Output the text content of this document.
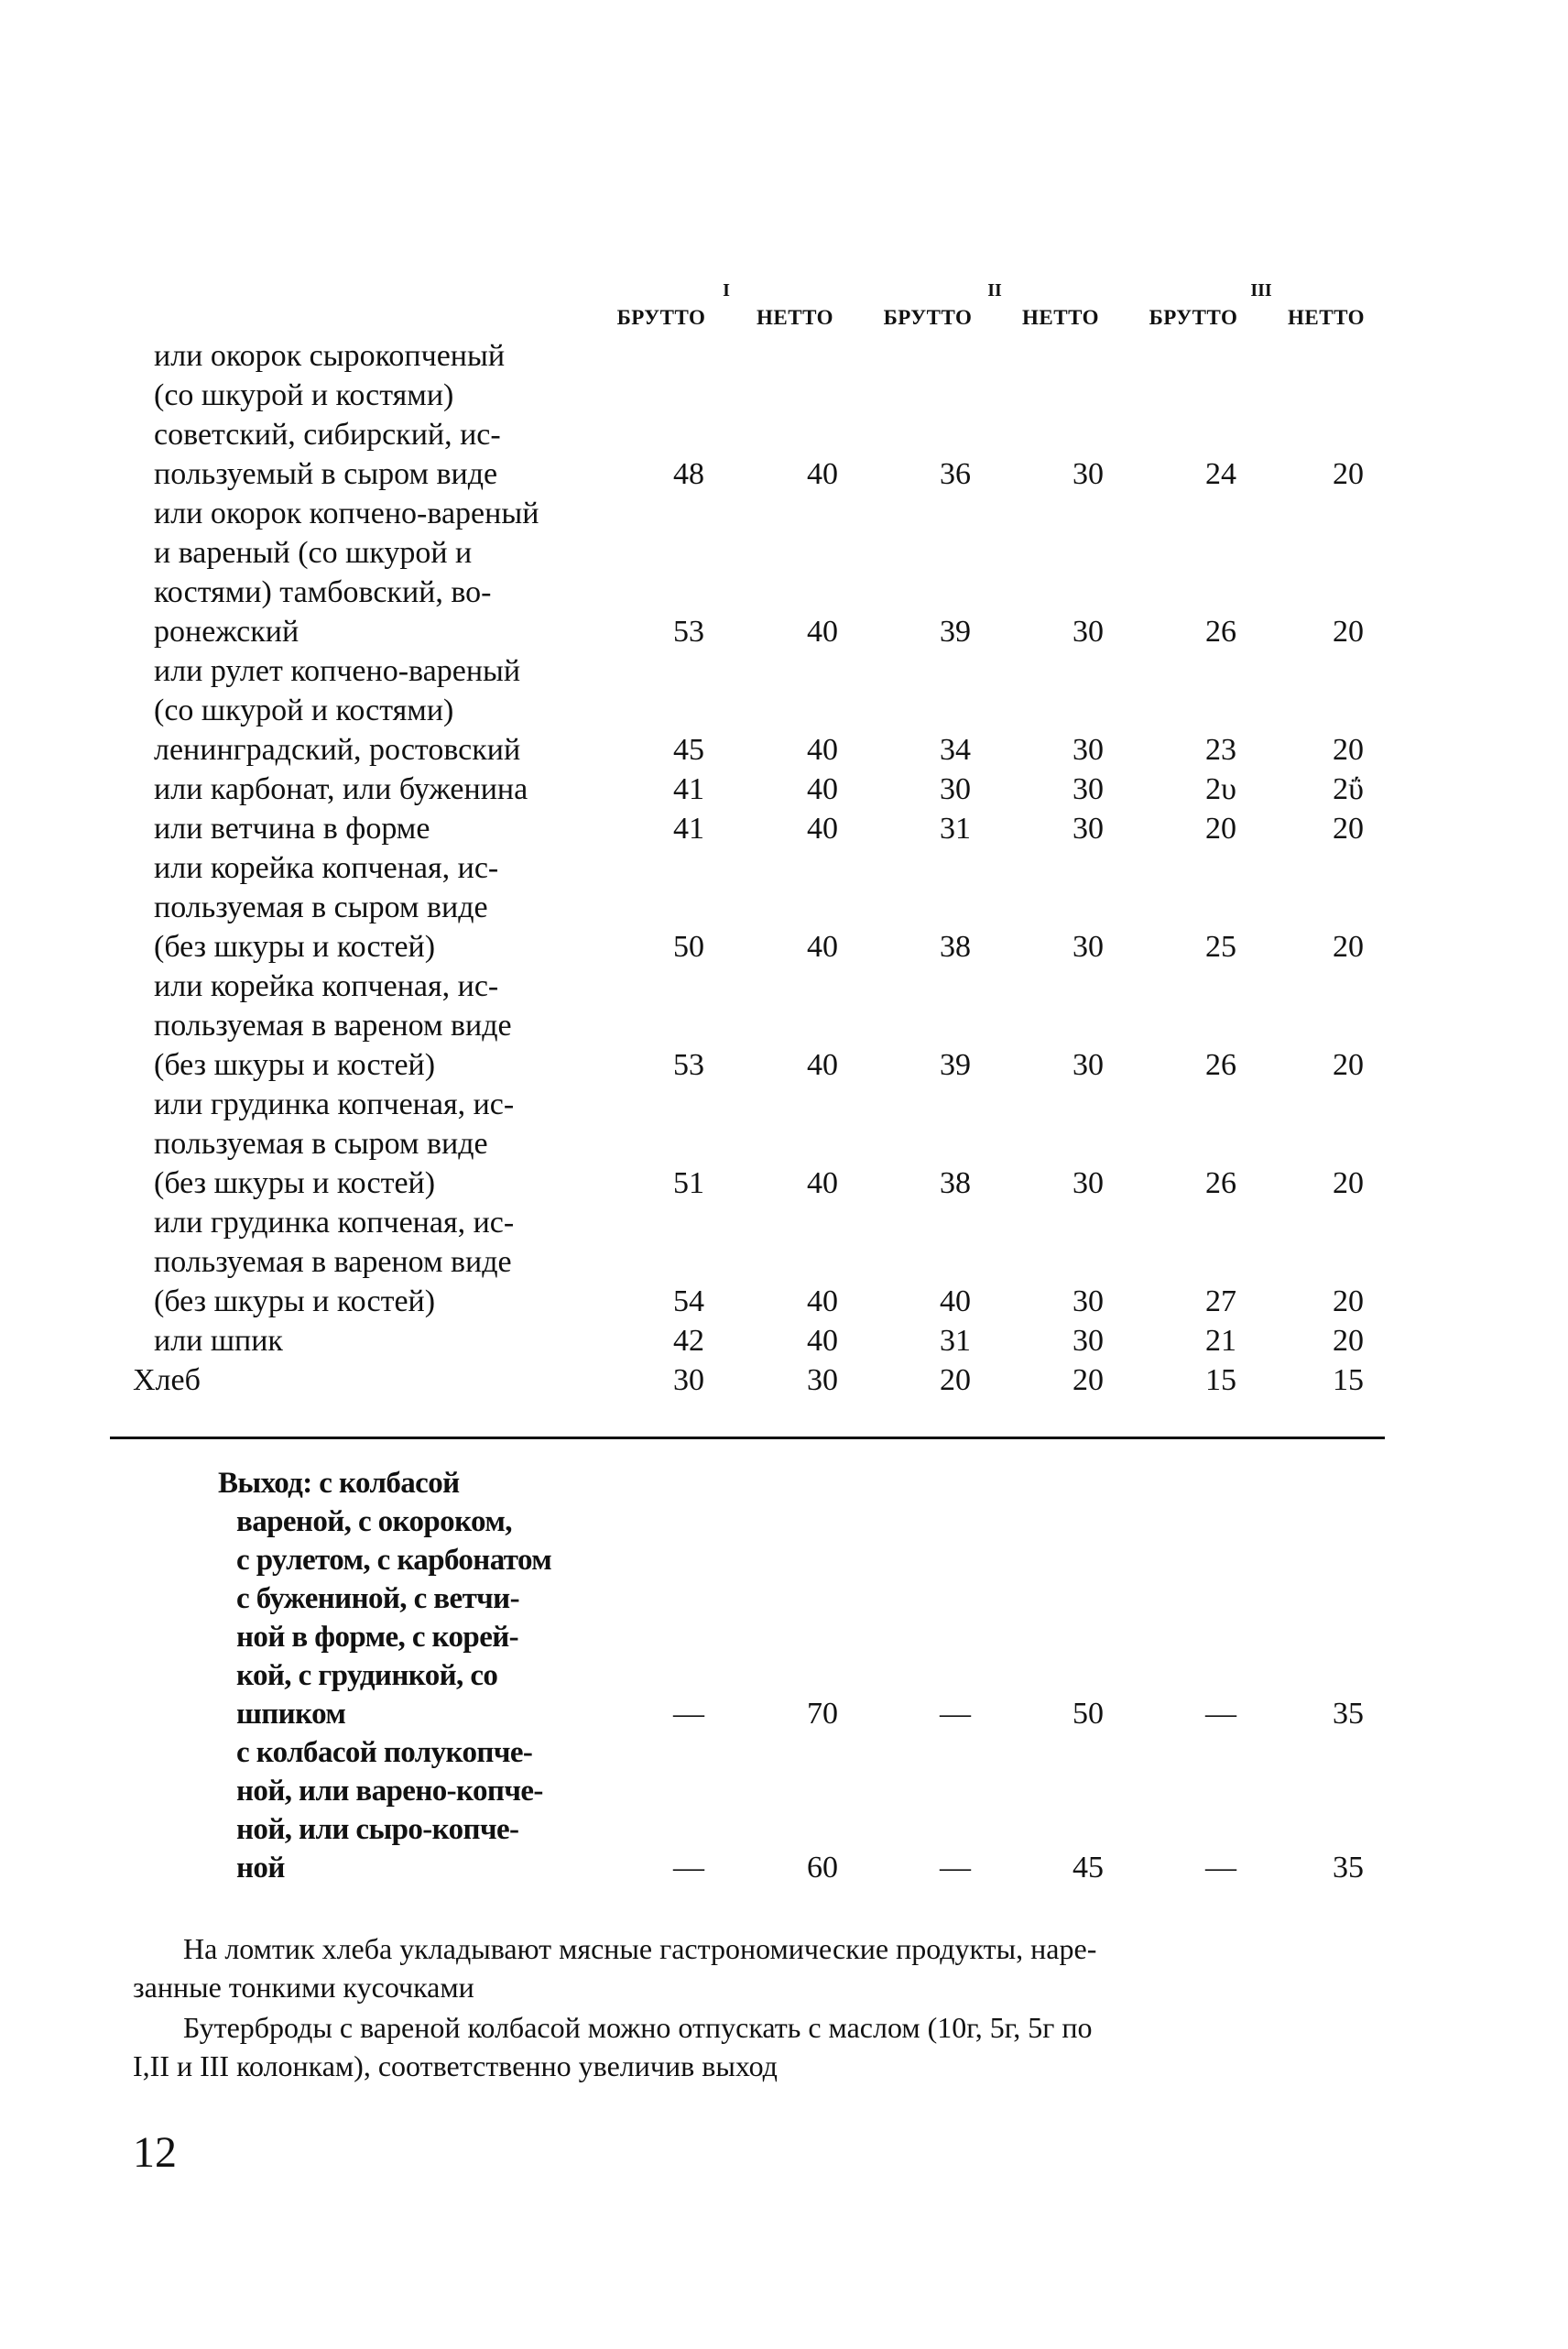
I	II	III
БРУТТО	НЕТТО	БРУТТО	НЕТТО	БРУТТО	НЕТТО
или окорок сырокопченый
(со шкурой и костями)
советский, сибирский, ис-
пользуемый в сыром виде	48	40	36	30	24	20
или окорок копчено-вареный
и вареный (со шкурой и
костями) тамбовский, во-
ронежский	53	40	39	30	26	20
или рулет копчено-вареный
(со шкурой и костями)
ленинградский, ростовский	45	40	34	30	23	20
или карбонат, или буженина	41	40	30	30	2υ	2ΰ
или ветчина в форме	41	40	31	30	20	20
или корейка копченая, ис-
пользуемая в сыром виде
(без шкуры и костей)	50	40	38	30	25	20
или корейка копченая, ис-
пользуемая в вареном виде
(без шкуры и костей)	53	40	39	30	26	20
или грудинка копченая, ис-
пользуемая в сыром виде
(без шкуры и костей)	51	40	38	30	26	20
или грудинка копченая, ис-
пользуемая в вареном виде
(без шкуры и костей)	54	40	40	30	27	20
или шпик	42	40	31	30	21	20
Хлеб	30	30	20	20	15	15
Выход: с колбасой
вареной, с окороком,
с рулетом, с карбонатом
с бужениной, с ветчи-
ной в форме, с корей-
кой, с грудинкой, со
шпиком	—	70	—	50	—	35
с колбасой полукопче-
ной, или варено-копче-
ной, или сыро-копче-
ной	—	60	—	45	—	35
На ломтик хлеба укладывают мясные гастрономические продукты, наре-
занные тонкими кусочками
Бутерброды с вареной колбасой можно отпускать с маслом (10г, 5г, 5г по
I,II и III колонкам), соответственно увеличив выход
12
